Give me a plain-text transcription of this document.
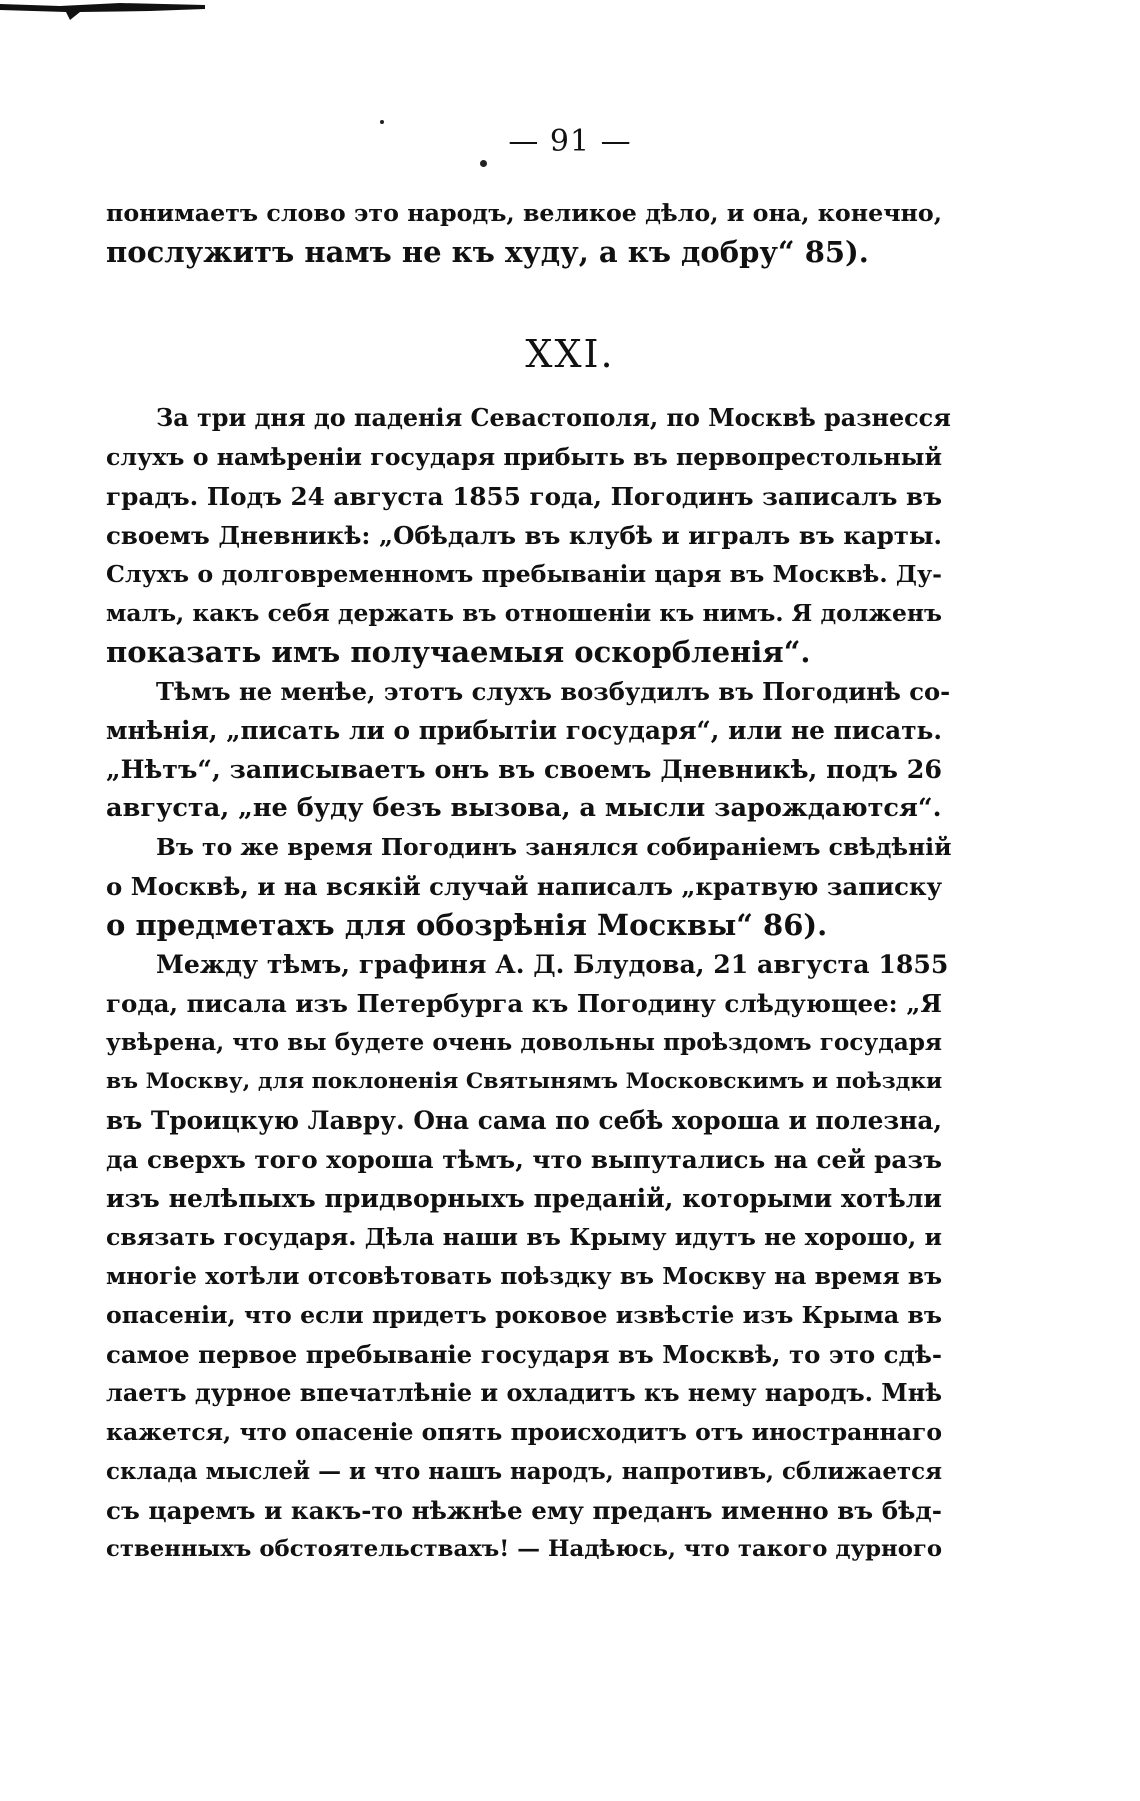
— 91 —
понимаетъ слово это народъ, великое дѣло, и она, конечно,
послужитъ намъ не къ худу, а къ добру“ 85).
XXI.
За три дня до паденія Севастополя, по Москвѣ разнесся
слухъ о намѣреніи государя прибыть въ первопрестольный
градъ. Подъ 24 августа 1855 года, Погодинъ записалъ въ
своемъ Дневникѣ: „Обѣдалъ въ клубѣ и игралъ въ карты.
Слухъ о долговременномъ пребываніи царя въ Москвѣ. Ду-
малъ, какъ себя держать въ отношеніи къ нимъ. Я долженъ
показать имъ получаемыя оскорбленія“.
Тѣмъ не менѣе, этотъ слухъ возбудилъ въ Погодинѣ со-
мнѣнія, „писать ли о прибытіи государя“, или не писать.
„Нѣтъ“, записываетъ онъ въ своемъ Дневникѣ, подъ 26
августа, „не буду безъ вызова, а мысли зарождаются“.
Въ то же время Погодинъ занялся собираніемъ свѣдѣній
о Москвѣ, и на всякій случай написалъ „кратвую записку
о предметахъ для обозрѣнія Москвы“ 86).
Между тѣмъ, графиня А. Д. Блудова, 21 августа 1855
года, писала изъ Петербурга къ Погодину слѣдующее: „Я
увѣрена, что вы будете очень довольны проѣздомъ государя
въ Москву, для поклоненія Святынямъ Московскимъ и поѣздки
въ Троицкую Лавру. Она сама по себѣ хороша и полезна,
да сверхъ того хороша тѣмъ, что выпутались на сей разъ
изъ нелѣпыхъ придворныхъ преданій, которыми хотѣли
связать государя. Дѣла наши въ Крыму идутъ не хорошо, и
многіе хотѣли отсовѣтовать поѣздку въ Москву на время въ
опасеніи, что если придетъ роковое извѣстіе изъ Крыма въ
самое первое пребываніе государя въ Москвѣ, то это сдѣ-
лаетъ дурное впечатлѣніе и охладитъ къ нему народъ. Мнѣ
кажется, что опасеніе опять происходитъ отъ иностраннаго
склада мыслей — и что нашъ народъ, напротивъ, сближается
съ царемъ и какъ-то нѣжнѣе ему преданъ именно въ бѣд-
ственныхъ обстоятельствахъ! — Надѣюсь, что такого дурного
